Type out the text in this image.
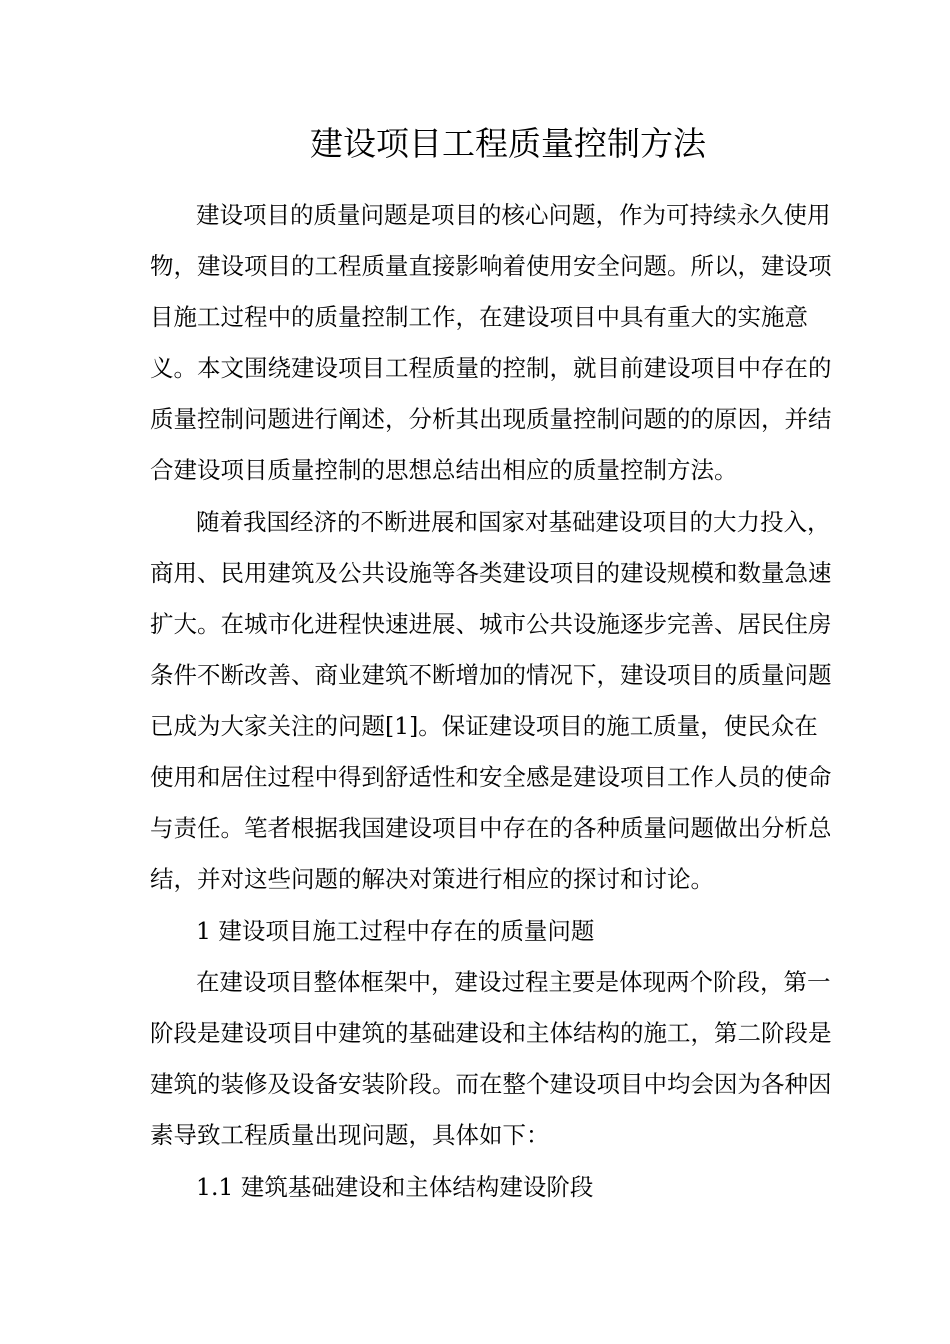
建设项目工程质量控制方法

建设项目的质量问题是项目的核心问题，作为可持续永久使用

物，建设项目的工程质量直接影响着使用安全问题。所以，建设项

目施工过程中的质量控制工作，在建设项目中具有重大的实施意

义。本文围绕建设项目工程质量的控制，就目前建设项目中存在的

质量控制问题进行阐述，分析其出现质量控制问题的的原因，并结

合建设项目质量控制的思想总结出相应的质量控制方法。

随着我国经济的不断进展和国家对基础建设项目的大力投入，

商用、民用建筑及公共设施等各类建设项目的建设规模和数量急速

扩大。在城市化进程快速进展、城市公共设施逐步完善、居民住房

条件不断改善、商业建筑不断增加的情况下，建设项目的质量问题

已成为大家关注的问题[1]。保证建设项目的施工质量，使民众在

使用和居住过程中得到舒适性和安全感是建设项目工作人员的使命

与责任。笔者根据我国建设项目中存在的各种质量问题做出分析总

结，并对这些问题的解决对策进行相应的探讨和讨论。

1 建设项目施工过程中存在的质量问题

在建设项目整体框架中，建设过程主要是体现两个阶段，第一

阶段是建设项目中建筑的基础建设和主体结构的施工，第二阶段是

建筑的装修及设备安装阶段。而在整个建设项目中均会因为各种因

素导致工程质量出现问题，具体如下：

1.1 建筑基础建设和主体结构建设阶段
